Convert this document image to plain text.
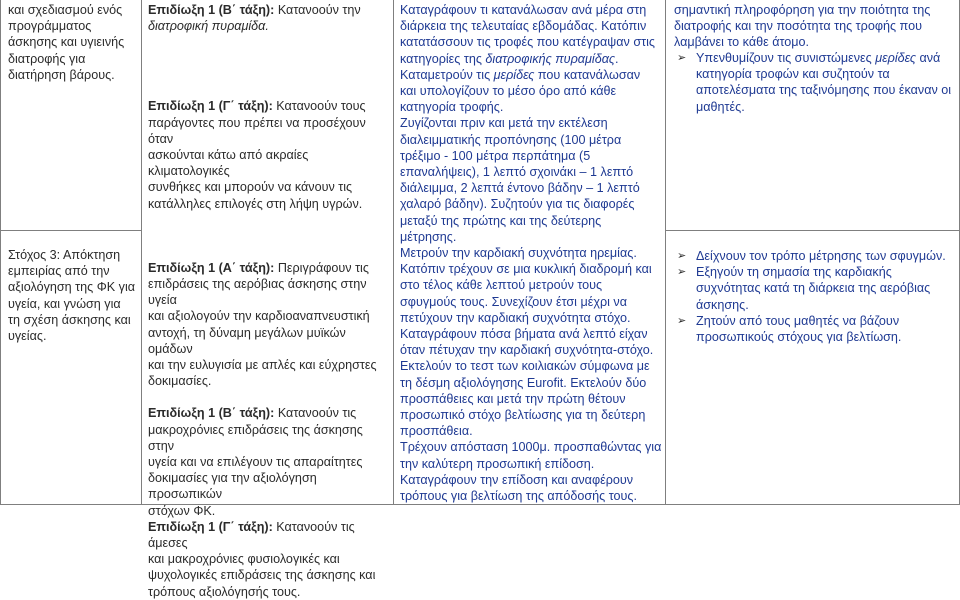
και σχεδιασμού ενός
προγράμματος
άσκησης και υγιεινής
διατροφής για
διατήρηση βάρους.
Στόχος 3: Απόκτηση
εμπειρίας από την
αξιολόγηση της ΦΚ για
υγεία, και γνώση για
τη σχέση άσκησης και
υγείας.
Επιδίωξη 1 (Β΄ τάξη): Κατανοούν την
διατροφική πυραμίδα.
Επιδίωξη 1 (Γ΄ τάξη): Κατανοούν τους
παράγοντες που πρέπει να προσέχουν όταν
ασκούνται κάτω από ακραίες κλιματολογικές
συνθήκες και μπορούν να κάνουν τις
κατάλληλες επιλογές στη λήψη υγρών.
Επιδίωξη 1 (Α΄ τάξη): Περιγράφουν τις
επιδράσεις της αερόβιας άσκησης στην υγεία
και αξιολογούν την καρδιοαναπνευστική
αντοχή, τη δύναμη μεγάλων μυϊκών ομάδων
και την ευλυγισία με απλές και εύχρηστες
δοκιμασίες.
Επιδίωξη 1 (Β΄ τάξη): Κατανοούν τις
μακροχρόνιες επιδράσεις της άσκησης στην
υγεία και να επιλέγουν τις απαραίτητες
δοκιμασίες για την αξιολόγηση προσωπικών
στόχων ΦΚ.
Επιδίωξη 1 (Γ΄ τάξη): Κατανοούν τις άμεσες
και μακροχρόνιες φυσιολογικές και
ψυχολογικές επιδράσεις της άσκησης και
τρόπους αξιολόγησής τους.
Καταγράφουν τι κατανάλωσαν ανά μέρα στη
διάρκεια της τελευταίας εβδομάδας. Κατόπιν
κατατάσσουν τις τροφές που κατέγραψαν στις
κατηγορίες της διατροφικής πυραμίδας.
Καταμετρούν τις μερίδες που κατανάλωσαν
και υπολογίζουν το μέσο όρο από κάθε
κατηγορία τροφής.
Ζυγίζονται πριν και μετά την εκτέλεση
διαλειμματικής προπόνησης (100 μέτρα
τρέξιμο - 100 μέτρα περπάτημα (5
επαναλήψεις), 1 λεπτό σχοινάκι – 1 λεπτό
διάλειμμα, 2 λεπτά έντονο βάδην – 1 λεπτό
χαλαρό βάδην). Συζητούν για τις διαφορές
μεταξύ της πρώτης και της δεύτερης
μέτρησης.
Μετρούν την καρδιακή συχνότητα ηρεμίας.
Κατόπιν τρέχουν σε μια κυκλική διαδρομή και
στο τέλος κάθε λεπτού μετρούν τους
σφυγμούς τους. Συνεχίζουν έτσι μέχρι να
πετύχουν την καρδιακή συχνότητα στόχο.
Καταγράφουν πόσα βήματα ανά λεπτό είχαν
όταν πέτυχαν την καρδιακή συχνότητα-στόχο.
Εκτελούν το τεστ των κοιλιακών σύμφωνα με
τη δέσμη αξιολόγησης Eurofit. Εκτελούν δύο
προσπάθειες και μετά την πρώτη θέτουν
προσωπικό στόχο βελτίωσης για τη δεύτερη
προσπάθεια.
Τρέχουν απόσταση 1000μ. προσπαθώντας για
την καλύτερη προσωπική επίδοση.
Καταγράφουν την επίδοση και αναφέρουν
τρόπους για βελτίωση της απόδοσής τους.
σημαντική πληροφόρηση για την ποιότητα της
διατροφής και την ποσότητα της τροφής που
λαμβάνει το κάθε άτομο.
➢ Υπενθυμίζουν τις συνιστώμενες μερίδες ανά
κατηγορία τροφών και συζητούν τα
αποτελέσματα της ταξινόμησης που έκαναν οι
μαθητές.
➢ Δείχνουν τον τρόπο μέτρησης των σφυγμών.
➢ Εξηγούν τη σημασία της καρδιακής
συχνότητας κατά τη διάρκεια της αερόβιας
άσκησης.
➢ Ζητούν από τους μαθητές να βάζουν
προσωπικούς στόχους για βελτίωση.
